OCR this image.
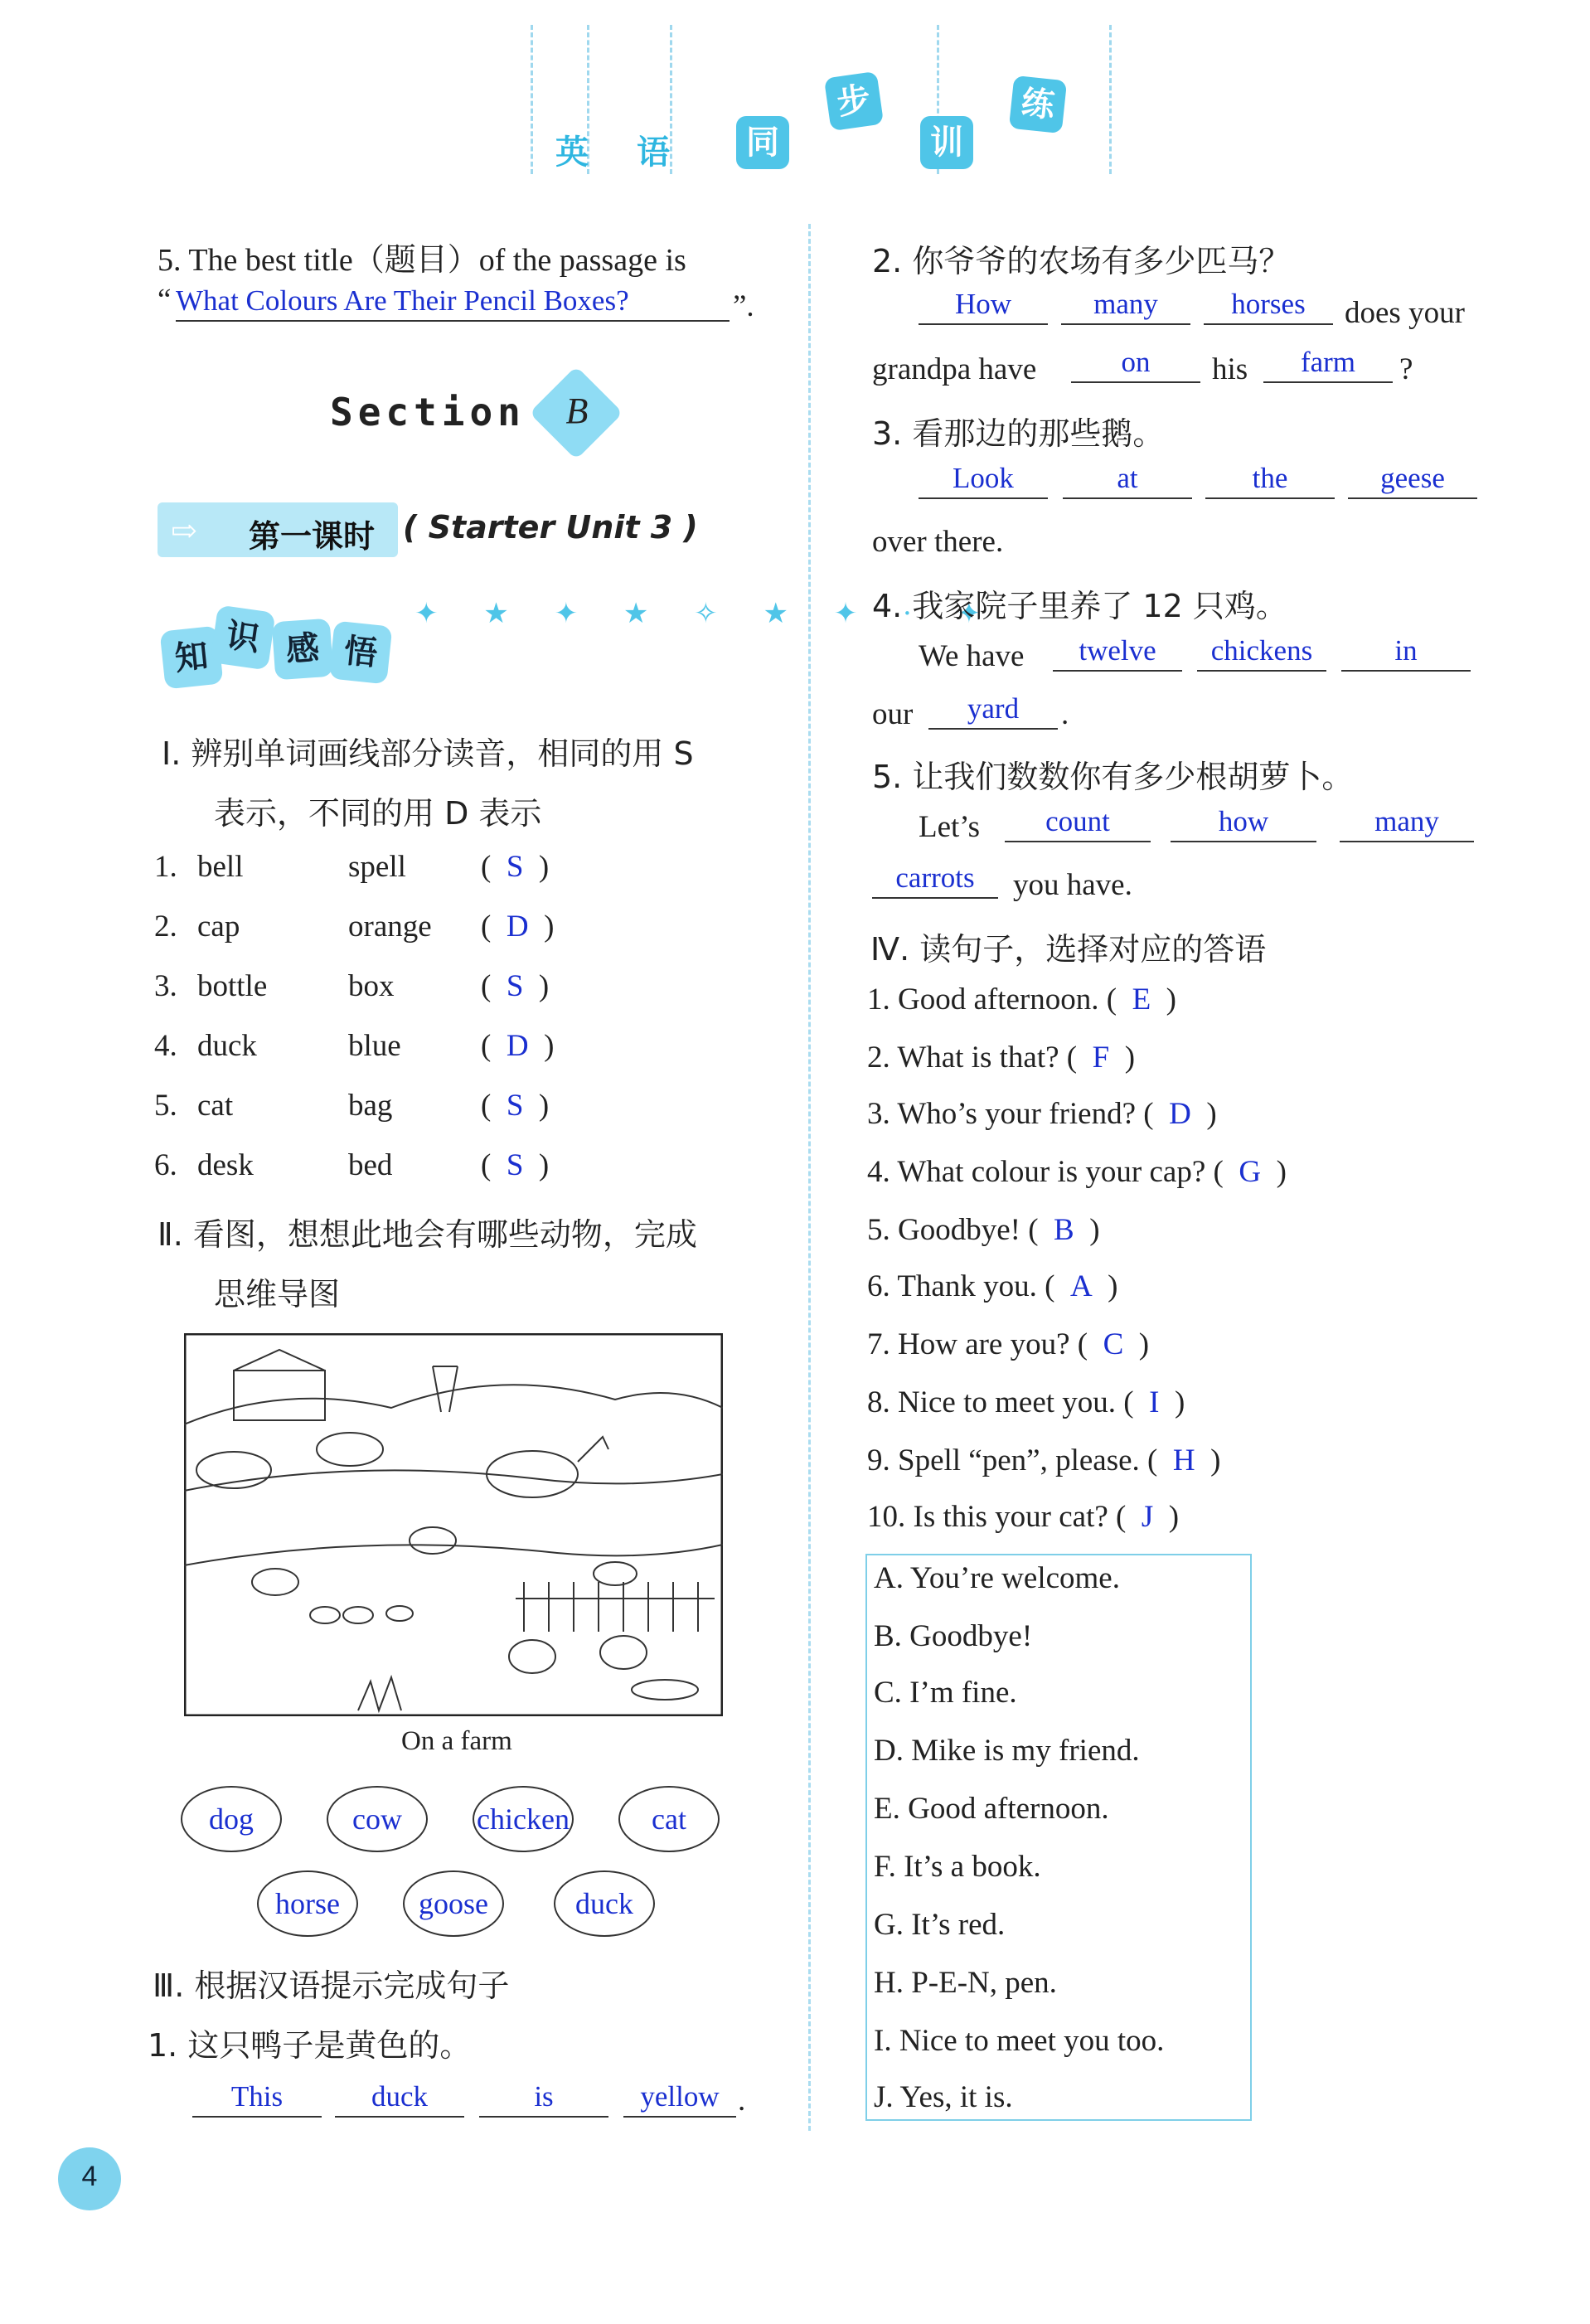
英 语	同
步
训
练
5. The best title（题目）of the passage is
“ What Colours Are Their Pencil Boxes?	”.
Section B
⇨ 第一课时 ( Starter Unit 3 )
知 识 感 悟
✦ ★ ✦ ★ ✧ ★ ✦ · ✦
Ⅰ. 辨别单词画线部分读音，相同的用 S
表示，不同的用 D 表示
1. bell	spell (  S  )
2. cap	orange (  D  )
3. bottle	box	(  S  )
4. duck	blue	(  D  )
5. cat	bag	(  S  )
6. desk	bed	(  S  )
Ⅱ. 看图，想想此地会有哪些动物，完成
思维导图
On a farm
dog	cow	chicken	cat
horse	goose	duck
Ⅲ. 根据汉语提示完成句子
1. 这只鸭子是黄色的。
This	duck	is	yellow .
2. 你爷爷的农场有多少匹马？
How	many	horses	does your
grandpa have	on	his	farm	?
3. 看那边的那些鹅。
Look	at	the	geese
over there.
4. 我家院子里养了 12 只鸡。
We have	twelve	chickens	in
our	yard	.
5. 让我们数数你有多少根胡萝卜。
Let’s	count	how	many
carrots	you have.
Ⅳ. 读句子，选择对应的答语
1. Good afternoon. ( E  )
2. What is that? ( F  )
3. Who’s your friend? ( D  )
4. What colour is your cap? ( G  )
5. Goodbye! ( B  )
6. Thank you. ( A  )
7. How are you? ( C  )
8. Nice to meet you. ( I  )
9. Spell “pen”, please. ( H  )
10. Is this your cat? ( J  )
A. You’re welcome.
B. Goodbye!
C. I’m fine.
D. Mike is my friend.
E. Good afternoon.
F. It’s a book.
G. It’s red.
H. P-E-N, pen.
I. Nice to meet you too.
J. Yes, it is.
4
